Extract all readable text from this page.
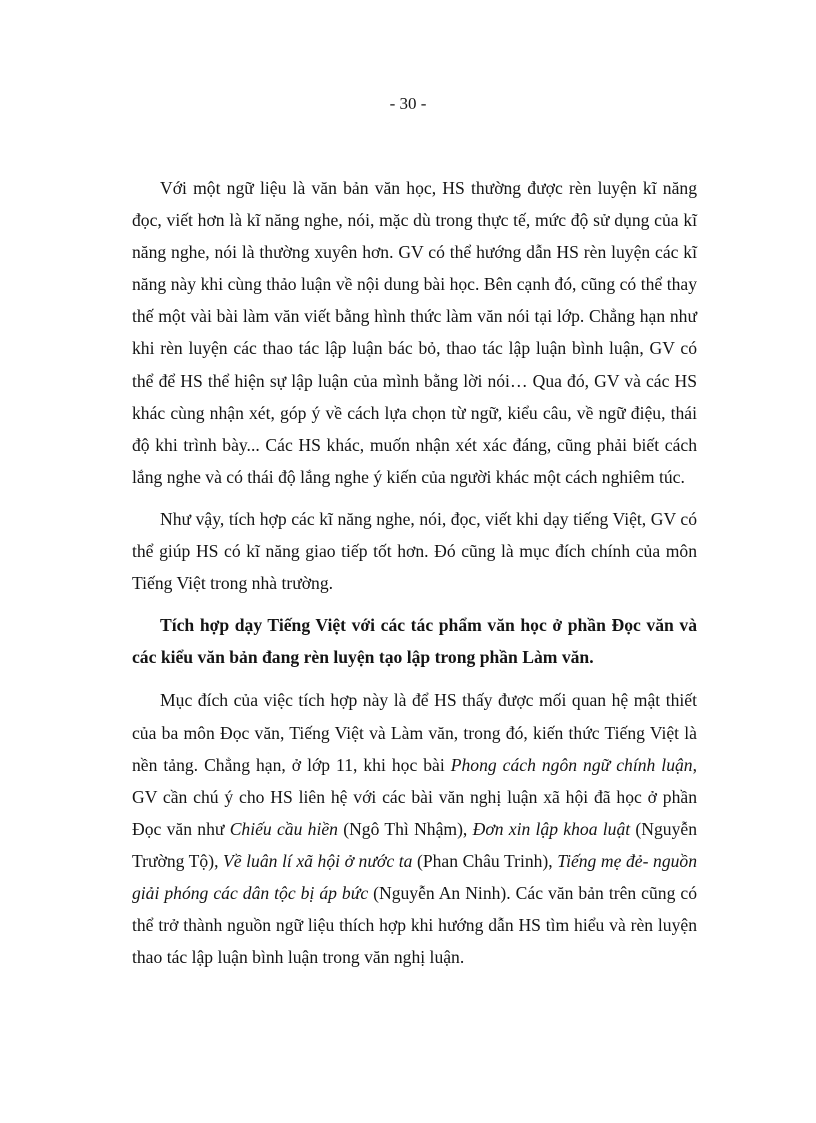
- 30 -

Với một ngữ liệu là văn bản văn học, HS thường được rèn luyện kĩ năng đọc, viết hơn là kĩ năng nghe, nói, mặc dù trong thực tế, mức độ sử dụng của kĩ năng nghe, nói là thường xuyên hơn. GV có thể hướng dẫn HS rèn luyện các kĩ năng này khi cùng thảo luận về nội dung bài học. Bên cạnh đó, cũng có thể thay thế một vài bài làm văn viết bằng hình thức làm văn nói tại lớp. Chẳng hạn như khi rèn luyện các thao tác lập luận bác bỏ, thao tác lập luận bình luận, GV có thể để HS thể hiện sự lập luận của mình bằng lời nói… Qua đó, GV và các HS khác cùng nhận xét, góp ý về cách lựa chọn từ ngữ, kiểu câu, về ngữ điệu, thái độ khi trình bày... Các HS khác, muốn nhận xét xác đáng, cũng phải biết cách lắng nghe và có thái độ lắng nghe ý kiến của người khác một cách nghiêm túc.

Như vậy, tích hợp các kĩ năng nghe, nói, đọc, viết khi dạy tiếng Việt, GV có thể giúp HS có kĩ năng giao tiếp tốt hơn. Đó cũng là mục đích chính của môn Tiếng Việt trong nhà trường.

Tích hợp dạy Tiếng Việt với các tác phẩm văn học ở phần Đọc văn và các kiểu văn bản đang rèn luyện tạo lập trong phần Làm văn.

Mục đích của việc tích hợp này là để HS thấy được mối quan hệ mật thiết của ba môn Đọc văn, Tiếng Việt và Làm văn, trong đó, kiến thức Tiếng Việt là nền tảng. Chẳng hạn, ở lớp 11, khi học bài Phong cách ngôn ngữ chính luận, GV cần chú ý cho HS liên hệ với các bài văn nghị luận xã hội đã học ở phần Đọc văn như Chiếu cầu hiền (Ngô Thì Nhậm), Đơn xin lập khoa luật (Nguyễn Trường Tộ), Về luân lí xã hội ở nước ta (Phan Châu Trinh), Tiếng mẹ đẻ- nguồn giải phóng các dân tộc bị áp bức (Nguyễn An Ninh). Các văn bản trên cũng có thể trở thành nguồn ngữ liệu thích hợp khi hướng dẫn HS tìm hiểu và rèn luyện thao tác lập luận bình luận trong văn nghị luận.
